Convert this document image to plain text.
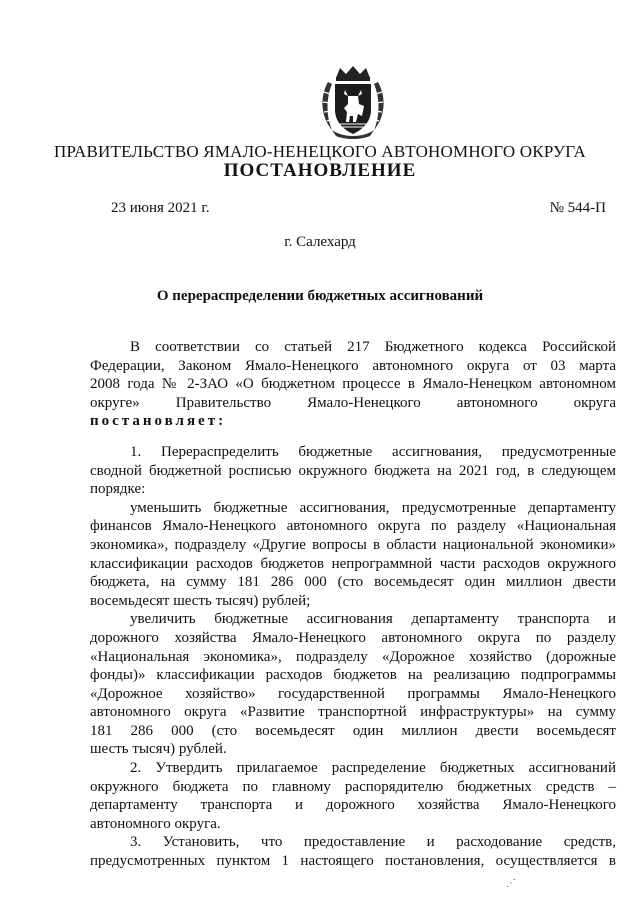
ПРАВИТЕЛЬСТВО ЯМАЛО-НЕНЕЦКОГО АВТОНОМНОГО ОКРУГА
ПОСТАНОВЛЕНИЕ
23 июня 2021 г.	№ 544-П
г. Салехард
О перераспределении бюджетных ассигнований
В соответствии со статьей 217 Бюджетного кодекса Российской
Федерации, Законом Ямало-Ненецкого автономного округа от 03 марта
2008 года № 2-ЗАО «О бюджетном процессе в Ямало-Ненецком автономном
округе» Правительство Ямало-Ненецкого автономного округа
постановляет:
1. Перераспределить бюджетные ассигнования, предусмотренные
сводной бюджетной росписью окружного бюджета на 2021 год, в следующем
порядке:
уменьшить бюджетные ассигнования, предусмотренные департаменту
финансов Ямало-Ненецкого автономного округа по разделу «Национальная
экономика», подразделу «Другие вопросы в области национальной экономики»
классификации расходов бюджетов непрограммной части расходов окружного
бюджета, на сумму 181 286 000 (сто восемьдесят один миллион двести
восемьдесят шесть тысяч) рублей;
увеличить бюджетные ассигнования департаменту транспорта и
дорожного хозяйства Ямало-Ненецкого автономного округа по разделу
«Национальная экономика», подразделу «Дорожное хозяйство (дорожные
фонды)» классификации расходов бюджетов на реализацию подпрограммы
«Дорожное хозяйство» государственной программы Ямало-Ненецкого
автономного округа «Развитие транспортной инфраструктуры» на сумму
181 286 000 (сто восемьдесят один миллион двести восемьдесят
шесть тысяч) рублей.
2. Утвердить прилагаемое распределение бюджетных ассигнований
окружного бюджета по главному распорядителю бюджетных средств –
департаменту транспорта и дорожного хозяйства Ямало-Ненецкого
автономного округа.
3. Установить, что предоставление и расходование средств,
предусмотренных пунктом 1 настоящего постановления, осуществляется в
⋰
